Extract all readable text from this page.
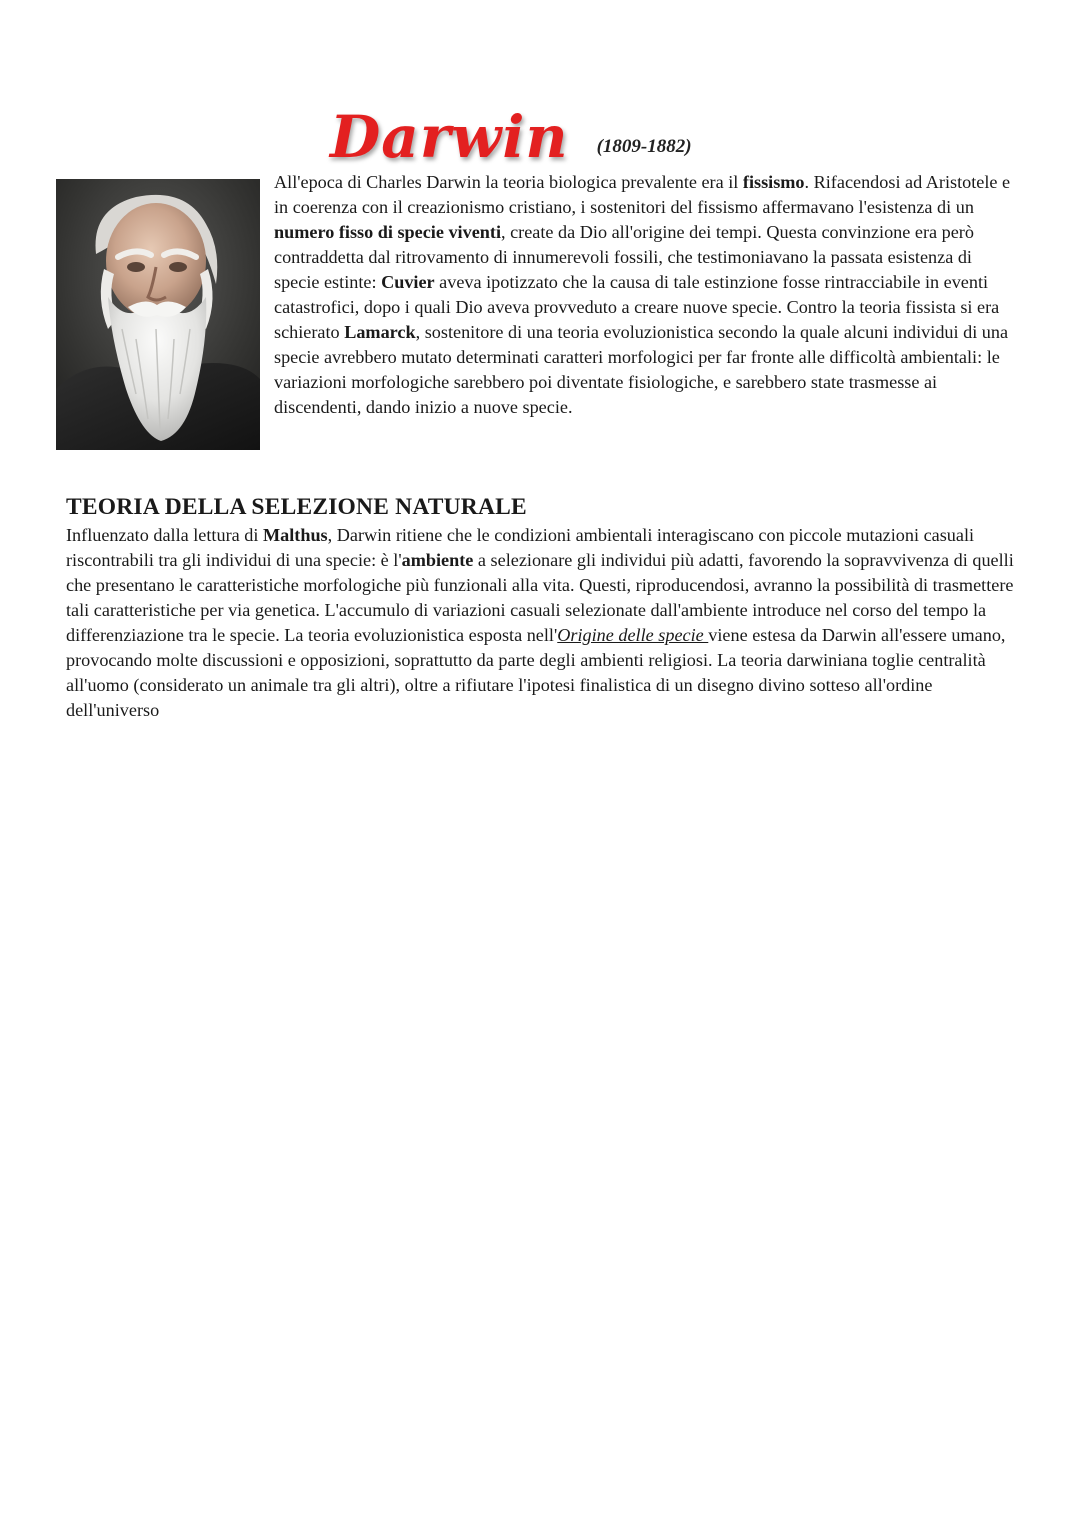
Darwin (1809-1882)

All'epoca di Charles Darwin la teoria biologica prevalente era il fissismo. Rifacendosi ad Aristotele e in coerenza con il creazionismo cristiano, i sostenitori del fissismo affermavano l'esistenza di un numero fisso di specie viventi, create da Dio all'origine dei tempi. Questa convinzione era però contraddetta dal ritrovamento di innumerevoli fossili, che testimoniavano la passata esistenza di specie estinte: Cuvier aveva ipotizzato che la causa di tale estinzione fosse rintracciabile in eventi catastrofici, dopo i quali Dio aveva provveduto a creare nuove specie. Contro la teoria fissista si era schierato Lamarck, sostenitore di una teoria evoluzionistica secondo la quale alcuni individui di una specie avrebbero mutato determinati caratteri morfologici per far fronte alle difficoltà ambientali: le variazioni morfologiche sarebbero poi diventate fisiologiche, e sarebbero state trasmesse ai discendenti, dando inizio a nuove specie.

TEORIA DELLA SELEZIONE NATURALE

Influenzato dalla lettura di Malthus, Darwin ritiene che le condizioni ambientali interagiscano con piccole mutazioni casuali riscontrabili tra gli individui di una specie: è l'ambiente a selezionare gli individui più adatti, favorendo la sopravvivenza di quelli che presentano le caratteristiche morfologiche più funzionali alla vita. Questi, riproducendosi, avranno la possibilità di trasmettere tali caratteristiche per via genetica. L'accumulo di variazioni casuali selezionate dall'ambiente introduce nel corso del tempo la differenziazione tra le specie. La teoria evoluzionistica esposta nell'Origine delle specie viene estesa da Darwin all'essere umano, provocando molte discussioni e opposizioni, soprattutto da parte degli ambienti religiosi. La teoria darwiniana toglie centralità all'uomo (considerato un animale tra gli altri), oltre a rifiutare l'ipotesi finalistica di un disegno divino sotteso all'ordine dell'universo
